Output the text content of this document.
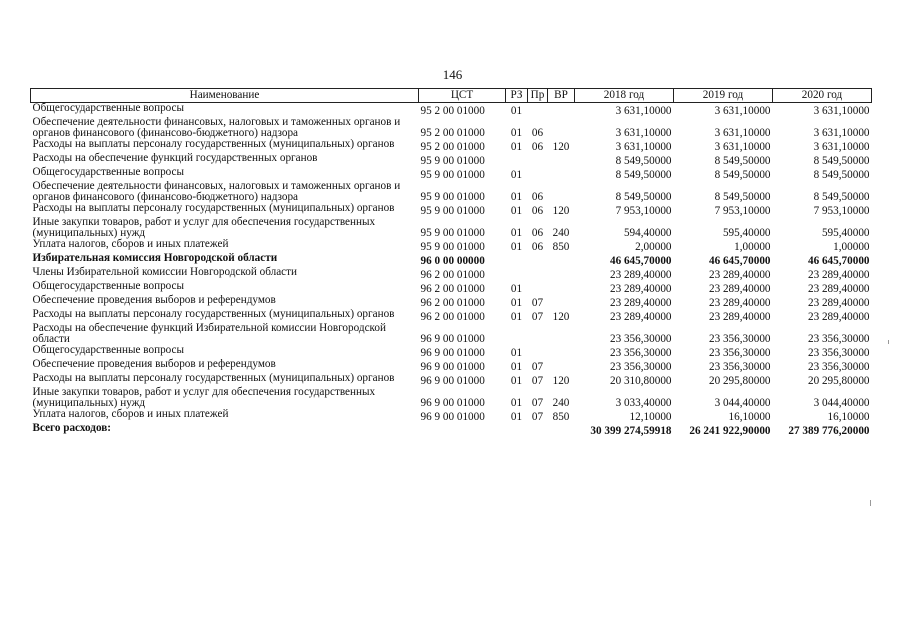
146
Наименование	ЦСТ	РЗ	Пр	ВР	2018 год	2019 год	2020 год
Общегосударственные вопросы	95 2 00 01000	01			3 631,10000	3 631,10000	3 631,10000
Обеспечение деятельности финансовых, налоговых и таможенных органов и органов финансового (финансово-бюджетного) надзора	95 2 00 01000	01	06		3 631,10000	3 631,10000	3 631,10000
Расходы на выплаты персоналу государственных (муниципальных) органов	95 2 00 01000	01	06	120	3 631,10000	3 631,10000	3 631,10000
Расходы на обеспечение функций государственных органов	95 9 00 01000				8 549,50000	8 549,50000	8 549,50000
Общегосударственные вопросы	95 9 00 01000	01			8 549,50000	8 549,50000	8 549,50000
Обеспечение деятельности финансовых, налоговых и таможенных органов и органов финансового (финансово-бюджетного) надзора	95 9 00 01000	01	06		8 549,50000	8 549,50000	8 549,50000
Расходы на выплаты персоналу государственных (муниципальных) органов	95 9 00 01000	01	06	120	7 953,10000	7 953,10000	7 953,10000
Иные закупки товаров, работ и услуг для обеспечения государственных (муниципальных) нужд	95 9 00 01000	01	06	240	594,40000	595,40000	595,40000
Уплата налогов, сборов и иных платежей	95 9 00 01000	01	06	850	2,00000	1,00000	1,00000
Избирательная комиссия Новгородской области	96 0 00 00000				46 645,70000	46 645,70000	46 645,70000
Члены Избирательной комиссии Новгородской области	96 2 00 01000				23 289,40000	23 289,40000	23 289,40000
Общегосударственные вопросы	96 2 00 01000	01			23 289,40000	23 289,40000	23 289,40000
Обеспечение проведения выборов и референдумов	96 2 00 01000	01	07		23 289,40000	23 289,40000	23 289,40000
Расходы на выплаты персоналу государственных (муниципальных) органов	96 2 00 01000	01	07	120	23 289,40000	23 289,40000	23 289,40000
Расходы на обеспечение функций Избирательной комиссии Новгородской области	96 9 00 01000				23 356,30000	23 356,30000	23 356,30000
Общегосударственные вопросы	96 9 00 01000	01			23 356,30000	23 356,30000	23 356,30000
Обеспечение проведения выборов и референдумов	96 9 00 01000	01	07		23 356,30000	23 356,30000	23 356,30000
Расходы на выплаты персоналу государственных (муниципальных) органов	96 9 00 01000	01	07	120	20 310,80000	20 295,80000	20 295,80000
Иные закупки товаров, работ и услуг для обеспечения государственных (муниципальных) нужд	96 9 00 01000	01	07	240	3 033,40000	3 044,40000	3 044,40000
Уплата налогов, сборов и иных платежей	96 9 00 01000	01	07	850	12,10000	16,10000	16,10000
Всего расходов:					30 399 274,59918	26 241 922,90000	27 389 776,20000
